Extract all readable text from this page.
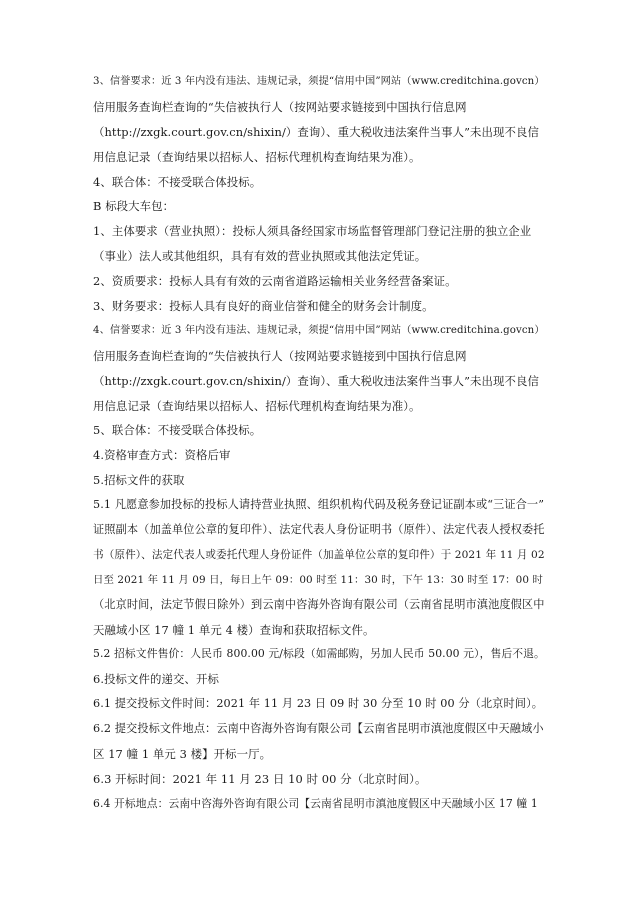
3、信誉要求：近 3 年内没有违法、违规记录，须提“信用中国”网站（www.creditchina.govcn）
信用服务查询栏查询的“失信被执行人（按网站要求链接到中国执行信息网
（http://zxgk.court.gov.cn/shixin/）查询）、重大税收违法案件当事人”未出现不良信
用信息记录（查询结果以招标人、招标代理机构查询结果为准）。
4、联合体：不接受联合体投标。
B 标段大车包：
1、主体要求（营业执照）：投标人须具备经国家市场监督管理部门登记注册的独立企业
（事业）法人或其他组织，具有有效的营业执照或其他法定凭证。
2、资质要求：投标人具有有效的云南省道路运输相关业务经营备案证。
3、财务要求：投标人具有良好的商业信誉和健全的财务会计制度。
4、信誉要求：近 3 年内没有违法、违规记录，须提“信用中国”网站（www.creditchina.govcn）
信用服务查询栏查询的“失信被执行人（按网站要求链接到中国执行信息网
（http://zxgk.court.gov.cn/shixin/）查询）、重大税收违法案件当事人”未出现不良信
用信息记录（查询结果以招标人、招标代理机构查询结果为准）。
5、联合体：不接受联合体投标。
4.资格审查方式：资格后审
5.招标文件的获取
5.1 凡愿意参加投标的投标人请持营业执照、组织机构代码及税务登记证副本或“三证合一”
证照副本（加盖单位公章的复印件）、法定代表人身份证明书（原件）、法定代表人授权委托
书（原件）、法定代表人或委托代理人身份证件（加盖单位公章的复印件）于 2021 年 11 月 02
日至 2021 年 11 月 09 日，每日上午 09：00 时至 11：30 时，下午 13：30 时至 17：00 时
（北京时间，法定节假日除外）到云南中咨海外咨询有限公司（云南省昆明市滇池度假区中
天融域小区 17 幢 1 单元 4 楼）查询和获取招标文件。
5.2 招标文件售价：人民币 800.00 元/标段（如需邮购，另加人民币 50.00 元），售后不退。
6.投标文件的递交、开标
6.1 提交投标文件时间：2021 年 11 月 23 日 09 时 30 分至 10 时 00 分（北京时间）。
6.2 提交投标文件地点：云南中咨海外咨询有限公司【云南省昆明市滇池度假区中天融域小
区 17 幢 1 单元 3 楼】开标一厅。
6.3 开标时间：2021 年 11 月 23 日 10 时 00 分（北京时间）。
6.4 开标地点：云南中咨海外咨询有限公司【云南省昆明市滇池度假区中天融域小区 17 幢 1
